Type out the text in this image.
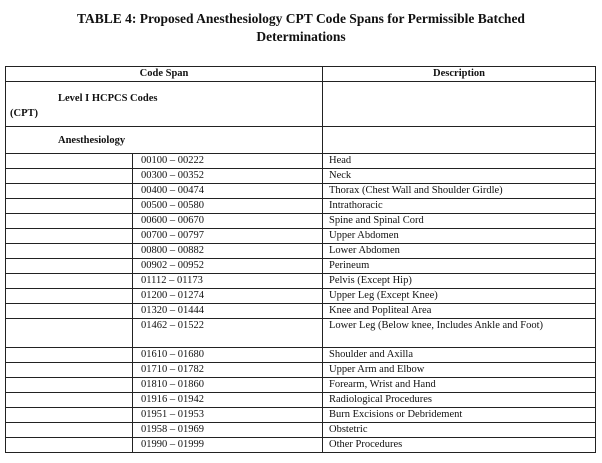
TABLE 4: Proposed Anesthesiology CPT Code Spans for Permissible Batched
Determinations
Code Span		Description

Level I HCPCS Codes
(CPT)		

Anesthesiology		
	00100 – 00222	Head
	00300 – 00352	Neck
	00400 – 00474	Thorax (Chest Wall and Shoulder Girdle)
	00500 – 00580	Intrathoracic
	00600 – 00670	Spine and Spinal Cord
	00700 – 00797	Upper Abdomen
	00800 – 00882	Lower Abdomen
	00902 – 00952	Perineum
	01112 – 01173	Pelvis (Except Hip)
	01200 – 01274	Upper Leg (Except Knee)
	01320 – 01444	Knee and Popliteal Area
	01462 – 01522	Lower Leg (Below knee, Includes Ankle and Foot)
	01610 – 01680	Shoulder and Axilla
	01710 – 01782	Upper Arm and Elbow
	01810 – 01860	Forearm, Wrist and Hand
	01916 – 01942	Radiological Procedures
	01951 – 01953	Burn Excisions or Debridement
	01958 – 01969	Obstetric
	01990 – 01999	Other Procedures
